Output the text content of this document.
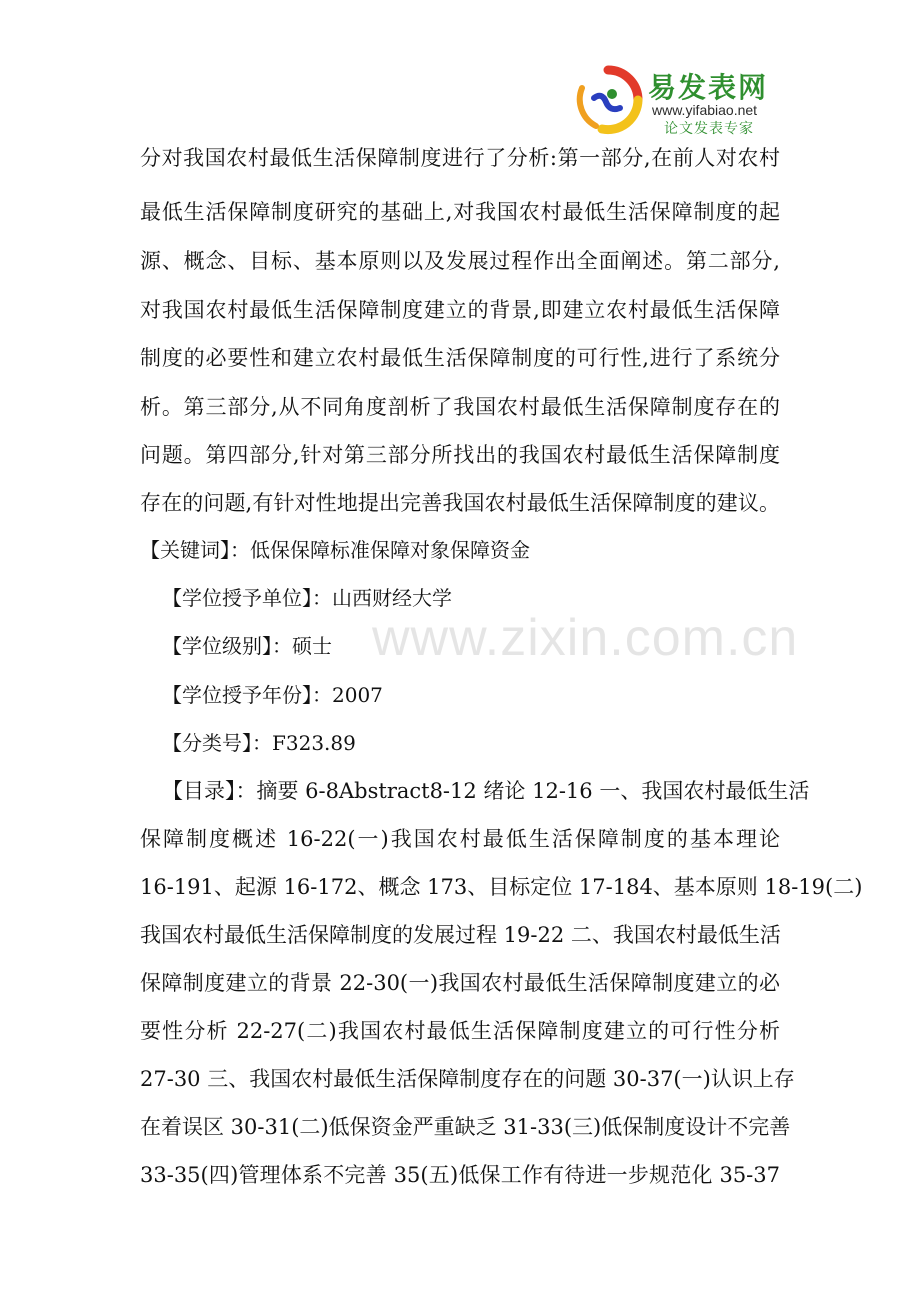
易发表网
www.yifabiao.net
论文发表专家
www.zixin.com.cn
分对我国农村最低生活保障制度进行了分析:第一部分,在前人对农村
最低生活保障制度研究的基础上,对我国农村最低生活保障制度的起
源、概念、目标、基本原则以及发展过程作出全面阐述。第二部分,
对我国农村最低生活保障制度建立的背景,即建立农村最低生活保障
制度的必要性和建立农村最低生活保障制度的可行性,进行了系统分
析。第三部分,从不同角度剖析了我国农村最低生活保障制度存在的
问题。第四部分,针对第三部分所找出的我国农村最低生活保障制度
存在的问题,有针对性地提出完善我国农村最低生活保障制度的建议。
【关键词】：低保保障标准保障对象保障资金
【学位授予单位】：山西财经大学
【学位级别】：硕士
【学位授予年份】：2007
【分类号】：F323.89
【目录】：摘要 6-8Abstract8-12 绪论 12-16 一、我国农村最低生活
保障制度概述 16-22(一)我国农村最低生活保障制度的基本理论
16-191、起源 16-172、概念 173、目标定位 17-184、基本原则 18-19(二)
我国农村最低生活保障制度的发展过程 19-22 二、我国农村最低生活
保障制度建立的背景 22-30(一)我国农村最低生活保障制度建立的必
要性分析 22-27(二)我国农村最低生活保障制度建立的可行性分析
27-30 三、我国农村最低生活保障制度存在的问题 30-37(一)认识上存
在着误区 30-31(二)低保资金严重缺乏 31-33(三)低保制度设计不完善
33-35(四)管理体系不完善 35(五)低保工作有待进一步规范化 35-37
